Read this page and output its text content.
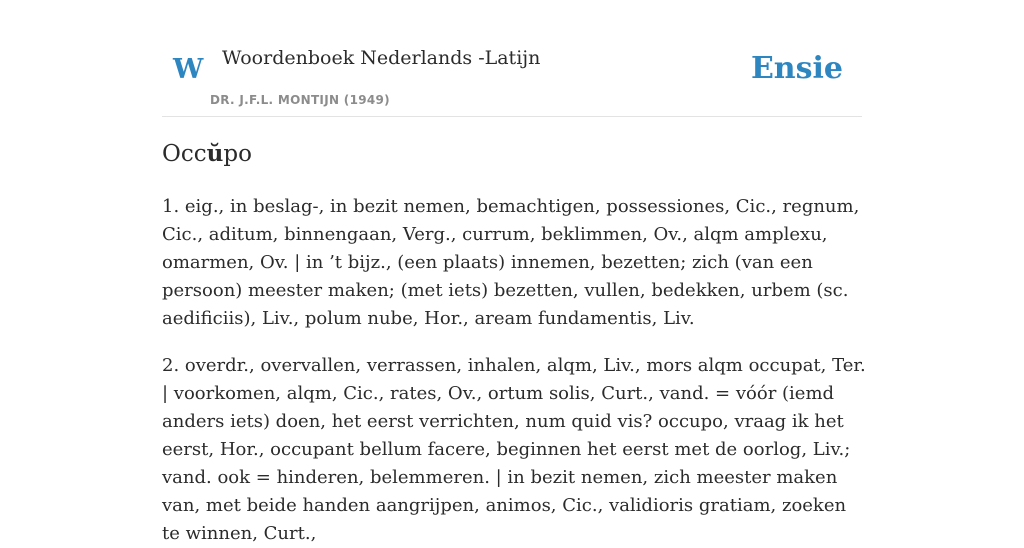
W Woordenboek Nederlands -Latijn
DR. J.F.L. MONTIJN (1949)
Ensie
Occŭpo

1. eig., in beslag-, in bezit nemen, bemachtigen, possessiones, Cic., regnum, Cic., aditum, binnengaan, Verg., currum, beklimmen, Ov., alqm amplexu, omarmen, Ov. | in ’t bijz., (een plaats) innemen, bezetten; zich (van een persoon) meester maken; (met iets) bezetten, vullen, bedekken, urbem (sc. aedificiis), Liv., polum nube, Hor., aream fundamentis, Liv.

2. overdr., overvallen, verrassen, inhalen, alqm, Liv., mors alqm occupat, Ter. | voorkomen, alqm, Cic., rates, Ov., ortum solis, Curt., vand. = vóór (iemd anders iets) doen, het eerst verrichten, num quid vis? occupo, vraag ik het eerst, Hor., occupant bellum facere, beginnen het eerst met de oorlog, Liv.; vand. ook = hinderen, belemmeren. | in bezit nemen, zich meester maken van, met beide handen aangrijpen, animos, Cic., validioris gratiam, zoeken te winnen, Curt.,
